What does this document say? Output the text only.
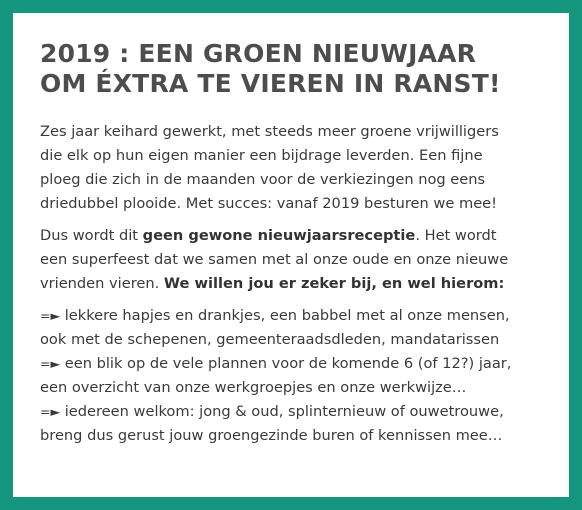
2019 : EEN GROEN NIEUWJAAR
OM ÉXTRA TE VIEREN IN RANST!

Zes jaar keihard gewerkt, met steeds meer groene vrijwilligers
die elk op hun eigen manier een bijdrage leverden. Een fijne
ploeg die zich in de maanden voor de verkiezingen nog eens
driedubbel plooide. Met succes: vanaf 2019 besturen we mee!

Dus wordt dit geen gewone nieuwjaarsreceptie. Het wordt
een superfeest dat we samen met al onze oude en onze nieuwe
vrienden vieren. We willen jou er zeker bij, en wel hierom:

=► lekkere hapjes en drankjes, een babbel met al onze mensen,
ook met de schepenen, gemeenteraadsdleden, mandatarissen
=► een blik op de vele plannen voor de komende 6 (of 12?) jaar,
een overzicht van onze werkgroepjes en onze werkwijze…
=► iedereen welkom: jong & oud, splinternieuw of ouwetrouwe,
breng dus gerust jouw groengezinde buren of kennissen mee…
